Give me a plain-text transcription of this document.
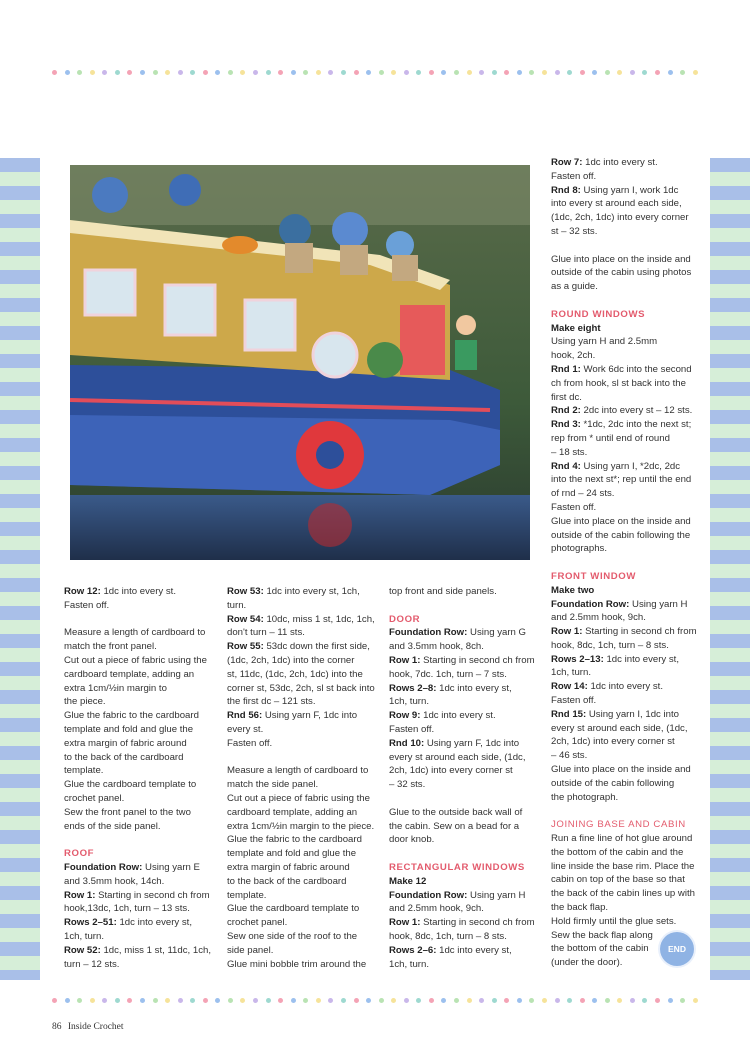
Row 12: 1dc into every st.

Fasten off.

Measure a length of cardboard to

match the front panel.

Cut out a piece of fabric using the

cardboard template, adding an

extra 1cm/½in margin to

the piece.

Glue the fabric to the cardboard

template and fold and glue the

extra margin of fabric around

to the back of the cardboard

template.

Glue the cardboard template to

crochet panel.

Sew the front panel to the two

ends of the side panel.

ROOF

Foundation Row: Using yarn E

and 3.5mm hook, 14ch.

Row 1: Starting in second ch from

hook,13dc, 1ch, turn – 13 sts.

Rows 2–51: 1dc into every st,

1ch, turn.

Row 52: 1dc, miss 1 st, 11dc, 1ch,

turn – 12 sts.

Row 53: 1dc into every st, 1ch,

turn.

Row 54: 10dc, miss 1 st, 1dc, 1ch,

don't turn – 11 sts.

Row 55: 53dc down the first side,

(1dc, 2ch, 1dc) into the corner

st, 11dc, (1dc, 2ch, 1dc) into the

corner st, 53dc, 2ch, sl st back into

the first dc – 121 sts.

Rnd 56: Using yarn F, 1dc into

every st.

Fasten off.

Measure a length of cardboard to

match the side panel.

Cut out a piece of fabric using the

cardboard template, adding an

extra 1cm/½in margin to the piece.

Glue the fabric to the cardboard

template and fold and glue the

extra margin of fabric around

to the back of the cardboard

template.

Glue the cardboard template to

crochet panel.

Sew one side of the roof to the

side panel.

Glue mini bobble trim around the

top front and side panels.

DOOR

Foundation Row: Using yarn G

and 3.5mm hook, 8ch.

Row 1: Starting in second ch from

hook, 7dc. 1ch, turn – 7 sts.

Rows 2–8: 1dc into every st,

1ch, turn.

Row 9: 1dc into every st.

Fasten off.

Rnd 10: Using yarn F, 1dc into

every st around each side, (1dc,

2ch, 1dc) into every corner st

– 32 sts.

Glue to the outside back wall of

the cabin. Sew on a bead for a

door knob.

RECTANGULAR WINDOWS

Make 12

Foundation Row: Using yarn H

and 2.5mm hook, 9ch.

Row 1: Starting in second ch from

hook, 8dc, 1ch, turn – 8 sts.

Rows 2–6: 1dc into every st,

1ch, turn.

Row 7: 1dc into every st.

Fasten off.

Rnd 8: Using yarn I, work 1dc

into every st around each side,

(1dc, 2ch, 1dc) into every corner

st – 32 sts.

Glue into place on the inside and

outside of the cabin using photos

as a guide.

ROUND WINDOWS

Make eight

Using yarn H and 2.5mm

hook, 2ch.

Rnd 1: Work 6dc into the second

ch from hook, sl st back into the

first dc.

Rnd 2: 2dc into every st – 12 sts.

Rnd 3: *1dc, 2dc into the next st;

rep from * until end of round

– 18 sts.

Rnd 4: Using yarn I, *2dc, 2dc

into the next st*; rep until the end

of rnd – 24 sts.

Fasten off.

Glue into place on the inside and

outside of the cabin following the

photographs.

FRONT WINDOW

Make two

Foundation Row: Using yarn H

and 2.5mm hook, 9ch.

Row 1: Starting in second ch from

hook, 8dc, 1ch, turn – 8 sts.

Rows 2–13: 1dc into every st,

1ch, turn.

Row 14: 1dc into every st.

Fasten off.

Rnd 15: Using yarn I, 1dc into

every st around each side, (1dc,

2ch, 1dc) into every corner st

– 46 sts.

Glue into place on the inside and

outside of the cabin following

the photograph.

JOINING BASE AND CABIN

Run a fine line of hot glue around

the bottom of the cabin and the

line inside the base rim. Place the

cabin on top of the base so that

the back of the cabin lines up with

the back flap.

Hold firmly until the glue sets.

Sew the back flap along

the bottom of the cabin

(under the door).

END
86 Inside Crochet
